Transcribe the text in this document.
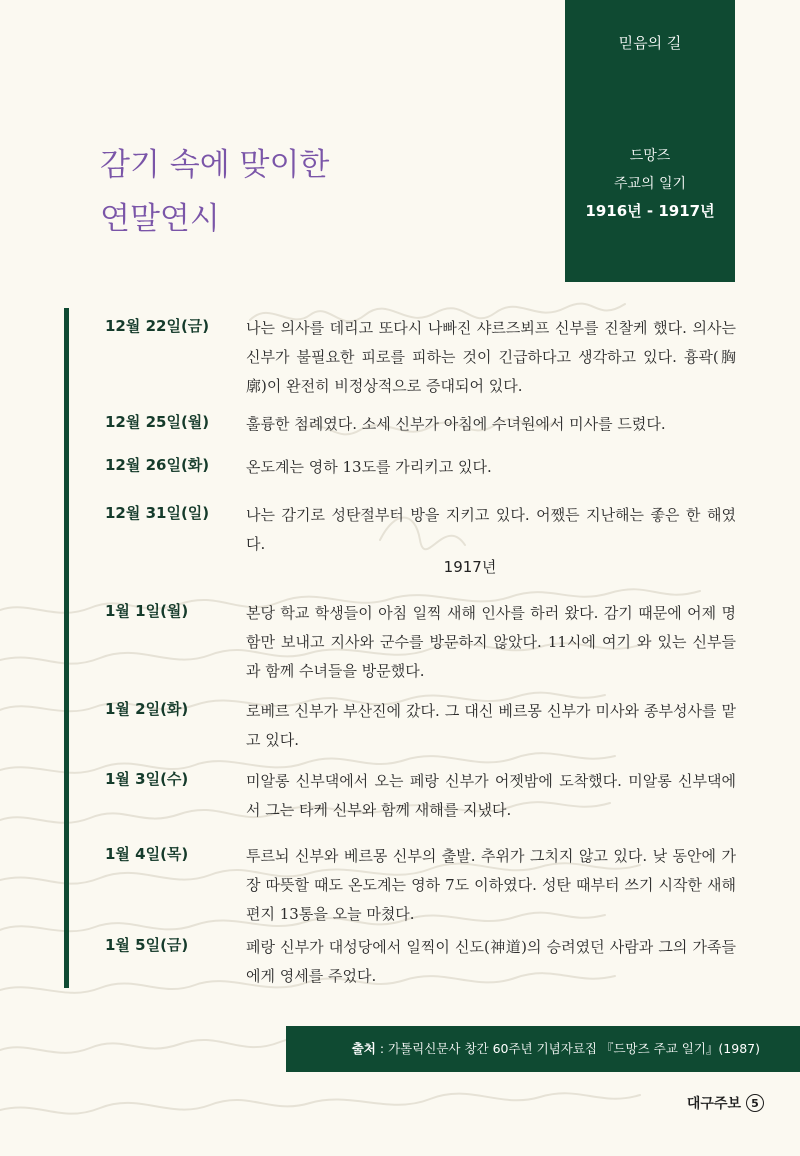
믿음의 길
드망즈
주교의 일기
1916년 - 1917년
감기 속에 맞이한
연말연시
12월 22일(금)	나는 의사를 데리고 또다시 나빠진 샤르즈뵈프 신부를 진찰케 했다. 의사는 신부가 불필요한 피로를 피하는 것이 긴급하다고 생각하고 있다. 흉곽(胸廓)이 완전히 비정상적으로 증대되어 있다.
12월 25일(월)	훌륭한 첨례였다. 소세 신부가 아침에 수녀원에서 미사를 드렸다.
12월 26일(화)	온도계는 영하 13도를 가리키고 있다.
12월 31일(일)	나는 감기로 성탄절부터 방을 지키고 있다. 어쨌든 지난해는 좋은 한 해였다.
1917년
1월 1일(월)	본당 학교 학생들이 아침 일찍 새해 인사를 하러 왔다. 감기 때문에 어제 명함만 보내고 지사와 군수를 방문하지 않았다. 11시에 여기 와 있는 신부들과 함께 수녀들을 방문했다.
1월 2일(화)	로베르 신부가 부산진에 갔다. 그 대신 베르몽 신부가 미사와 종부성사를 맡고 있다.
1월 3일(수)	미알롱 신부댁에서 오는 페랑 신부가 어젯밤에 도착했다. 미알롱 신부댁에서 그는 타케 신부와 함께 새해를 지냈다.
1월 4일(목)	투르뇌 신부와 베르몽 신부의 출발. 추위가 그치지 않고 있다. 낮 동안에 가장 따뜻할 때도 온도계는 영하 7도 이하였다. 성탄 때부터 쓰기 시작한 새해 편지 13통을 오늘 마쳤다.
1월 5일(금)	페랑 신부가 대성당에서 일찍이 신도(神道)의 승려였던 사람과 그의 가족들에게 영세를 주었다.
출처 : 가톨릭신문사 창간 60주년 기념자료집 『드망즈 주교 일기』(1987)
대구주보 5
